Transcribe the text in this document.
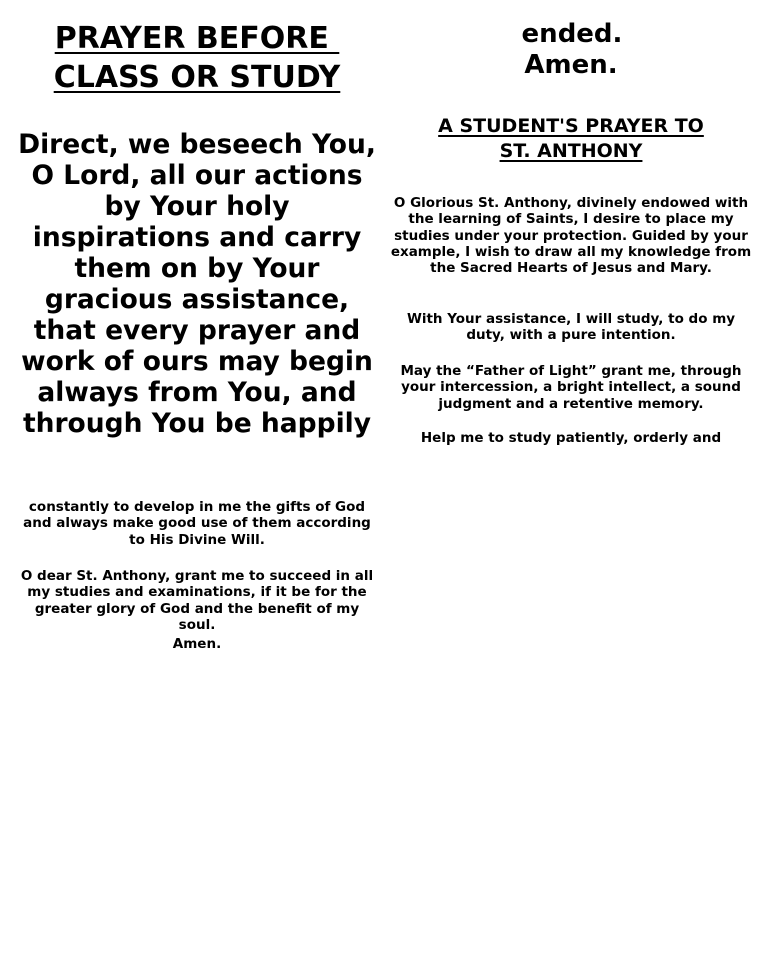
PRAYER BEFORE
CLASS OR STUDY

Direct, we beseech You, O Lord, all our actions by Your holy inspirations and carry them on by Your gracious assistance, that every prayer and work of ours may begin always from You, and through You be happily

constantly to develop in me the gifts of God and always make good use of them according to His Divine Will.

O dear St. Anthony, grant me to succeed in all my studies and examinations, if it be for the greater glory of God and the benefit of my soul.

Amen.

ended.

Amen.

A STUDENT'S PRAYER TO
ST. ANTHONY

O Glorious St. Anthony, divinely endowed with the learning of Saints, I desire to place my studies under your protection. Guided by your example, I wish to draw all my knowledge from the Sacred Hearts of Jesus and Mary.

With Your assistance, I will study, to do my duty, with a pure intention.

May the “Father of Light” grant me, through your intercession, a bright intellect, a sound judgment and a retentive memory.

Help me to study patiently, orderly and
